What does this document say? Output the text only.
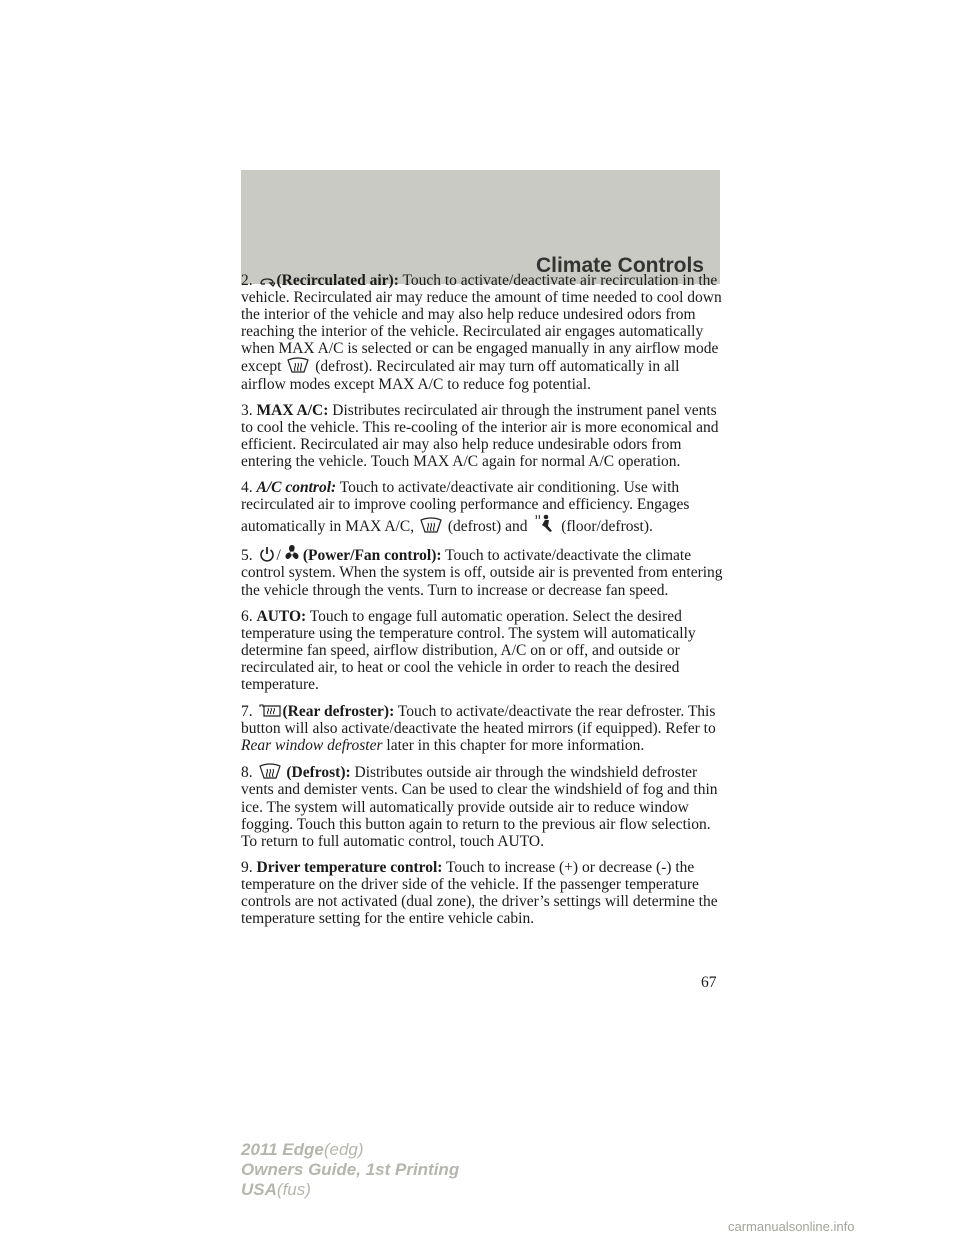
Climate Controls

2. (Recirculated air): Touch to activate/deactivate air recirculation in the vehicle. Recirculated air may reduce the amount of time needed to cool down the interior of the vehicle and may also help reduce undesired odors from reaching the interior of the vehicle. Recirculated air engages automatically when MAX A/C is selected or can be engaged manually in any airflow mode except (defrost). Recirculated air may turn off automatically in all airflow modes except MAX A/C to reduce fog potential.

3. MAX A/C: Distributes recirculated air through the instrument panel vents to cool the vehicle. This re-cooling of the interior air is more economical and efficient. Recirculated air may also help reduce undesirable odors from entering the vehicle. Touch MAX A/C again for normal A/C operation.

4. A/C control: Touch to activate/deactivate air conditioning. Use with recirculated air to improve cooling performance and efficiency. Engages automatically in MAX A/C, (defrost) and (floor/defrost).

5. / (Power/Fan control): Touch to activate/deactivate the climate control system. When the system is off, outside air is prevented from entering the vehicle through the vents. Turn to increase or decrease fan speed.

6. AUTO: Touch to engage full automatic operation. Select the desired temperature using the temperature control. The system will automatically determine fan speed, airflow distribution, A/C on or off, and outside or recirculated air, to heat or cool the vehicle in order to reach the desired temperature.

7. (Rear defroster): Touch to activate/deactivate the rear defroster. This button will also activate/deactivate the heated mirrors (if equipped). Refer to Rear window defroster later in this chapter for more information.

8. (Defrost): Distributes outside air through the windshield defroster vents and demister vents. Can be used to clear the windshield of fog and thin ice. The system will automatically provide outside air to reduce window fogging. Touch this button again to return to the previous air flow selection. To return to full automatic control, touch AUTO.

9. Driver temperature control: Touch to increase (+) or decrease (-) the temperature on the driver side of the vehicle. If the passenger temperature controls are not activated (dual zone), the driver’s settings will determine the temperature setting for the entire vehicle cabin.

67
2011 Edge(edg)
Owners Guide, 1st Printing
USA(fus)
carmanualsonline.info
